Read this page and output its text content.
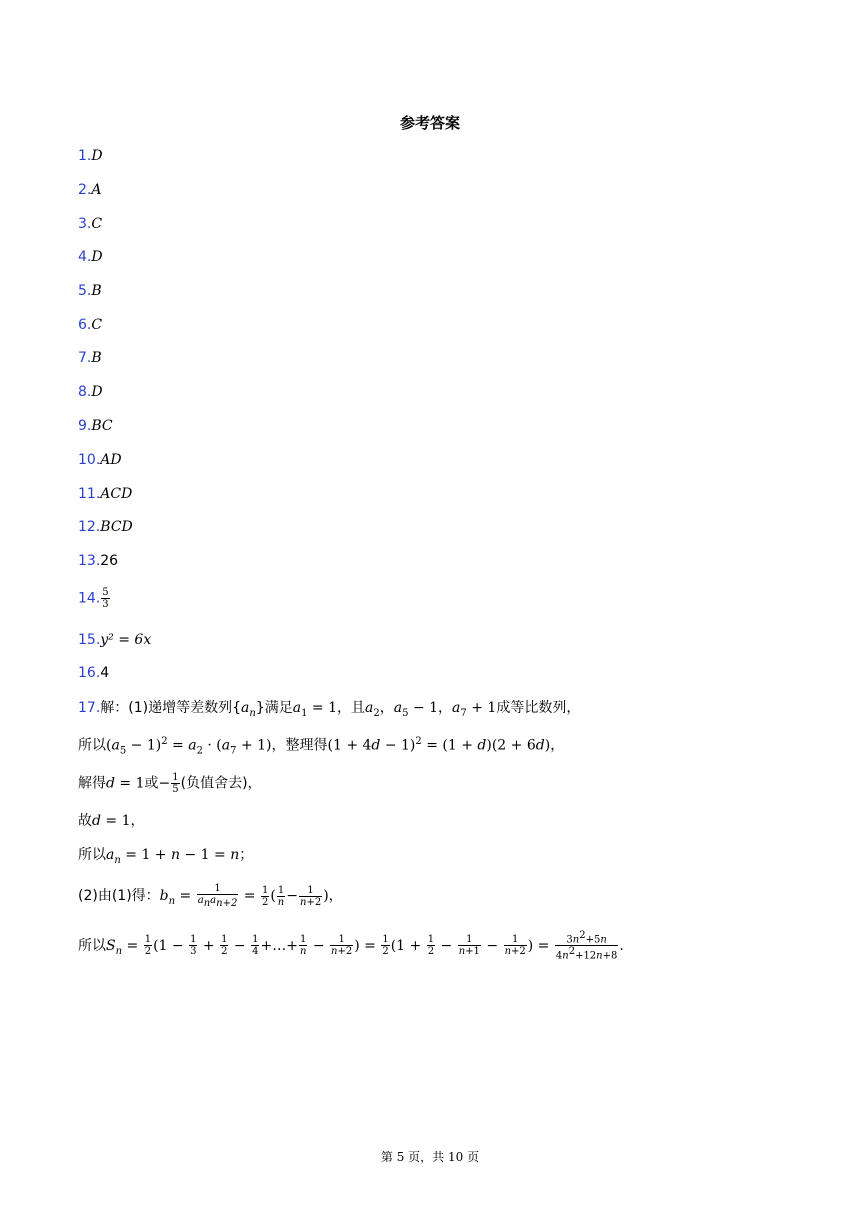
参考答案
1.D
2.A
3.C
4.D
5.B
6.C
7.B
8.D
9.BC
10.AD
11.ACD
12.BCD
13.26
14. $\frac{5}{3}$
15.y² = 6x
16.4
17.解：(1)递增等差数列$\{a_n\}$满足$a_1 = 1$，且$a_2$，$a_5 - 1$，$a_7 + 1$成等比数列，
所以$(a_5 - 1)^2 = a_2 \cdot (a_7 + 1)$，整理得$(1 + 4d - 1)^2 = (1 + d)(2 + 6d)$，
解得d = 1或− $\frac{1}{5}$ (负值舍去)，
故d = 1，
所以$a_n = 1 + n - 1 = n$；
(2)由(1)得：$b_n = \frac{1}{a_na_{n+2}} = \frac{1}{2}$ ( $\frac{1}{n} - \frac{1}{n+2}$ )，
所以$S_n = \frac{1}{2} (1 - \frac{1}{3} + \frac{1}{2} - \frac{1}{4}$ +…+ $\frac{1}{n} - \frac{1}{n+2}$ ) = $\frac{1}{2} (1 + \frac{1}{2} - \frac{1}{n+1} - \frac{1}{n+2}$ ) = $\frac{3n^2+5n}{4n^2+12n+8}$ .
第 5 页，共 10 页
